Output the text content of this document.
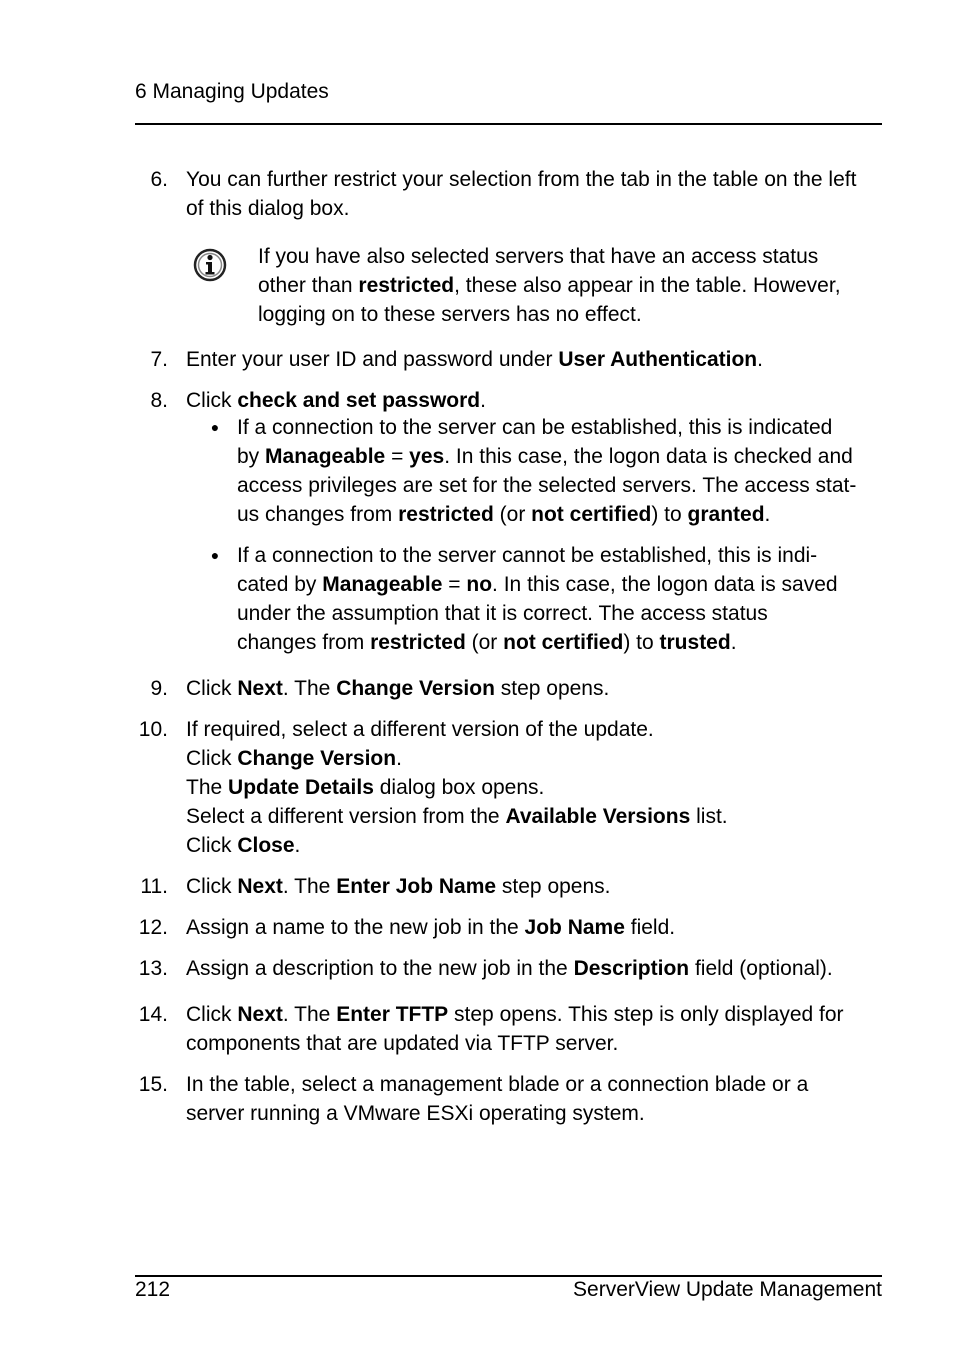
6 Managing Updates
6. You can further restrict your selection from the tab in the table on the left
of this dialog box.
If you have also selected servers that have an access status
other than restricted, these also appear in the table. However,
logging on to these servers has no effect.
7. Enter your user ID and password under User Authentication.
8. Click check and set password.
● If a connection to the server can be established, this is indicated
by Manageable = yes. In this case, the logon data is checked and
access privileges are set for the selected servers. The access stat-
us changes from restricted (or not certified) to granted.
● If a connection to the server cannot be established, this is indi-
cated by Manageable = no. In this case, the logon data is saved
under the assumption that it is correct. The access status
changes from restricted (or not certified) to trusted.
9. Click Next. The Change Version step opens.
10. If required, select a different version of the update.
Click Change Version.
The Update Details dialog box opens.
Select a different version from the Available Versions list.
Click Close.
11. Click Next. The Enter Job Name step opens.
12. Assign a name to the new job in the Job Name field.
13. Assign a description to the new job in the Description field (optional).
14. Click Next. The Enter TFTP step opens. This step is only displayed for
components that are updated via TFTP server.
15. In the table, select a management blade or a connection blade or a
server running a VMware ESXi operating system.
212	ServerView Update Management
